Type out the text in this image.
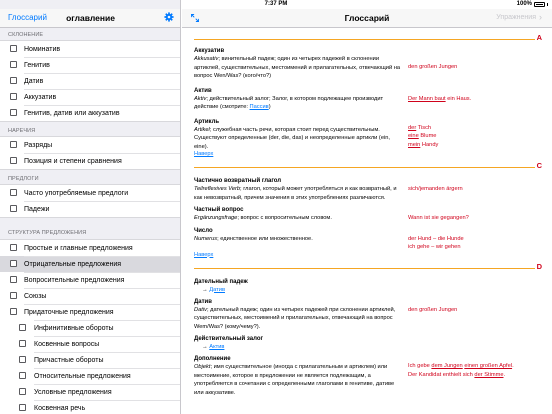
7:37 PM	100%
Глоссарий	оглавление
СКЛОНЕНИЕ
Номинатив
Генитив
Датив
Аккузатив
Генитив, датив или аккузатив
НАРЕЧИЯ
Разряды
Позиция и степени сравнения
ПРЕДЛОГИ
Часто употребляемые предлоги
Падежи
СТРУКТУРА ПРЕДЛОЖЕНИЯ
Простые и главные предложения
Отрицательные предложения
Вопросительные предложения
Союзы
Придаточные предложения
Инфинитивные обороты
Косвенные вопросы
Причастные обороты
Относительные предложения
Условные предложения
Косвенная речь
Глоссарий	Упражнения ›
A
Аккузатив
Akkusativ; винительный падеж; один из четырех падежей в склонении артиклей, существительных, местоимений и прилагательных, отвечающий на вопрос Wen/Was? (кого/что?)
den großen Jungen
Актив
Aktiv; действительный залог; Залог, в котором подлежащее производит действие (смотрите: Пассив)
Der Mann baut ein Haus.
Артикль
Artikel; служебная часть речи, которая стоит перед существительным. Существуют определенные (der, die, das) и неопределенные артикли (ein, eine).
der Tisch
eine Blume
mein Handy
Наверх
C
Частично возвратный глагол
Teilreflexives Verb; глагол, который может употребляться и как возвратный, и как невозвратный, причем значения в этих употреблениях различаются.
sich/jemanden ärgern
Частный вопрос
Ergänzungsfrage; вопрос с вопросительным словом.	Wann ist sie gegangen?
Число
Numerus; единственное или множественное.	der Hund – die Hunde
ich gehe – wir gehen
Наверх
D
Дательный падеж
→ Датив
Датив
Dativ; дательный падеж; один из четырех падежей при склонении артиклей, существительных, местоимений и прилагательных, отвечающий на вопрос Wem/Was? (кому/чему?).
den großen Jungen
Действительный залог
→ Актив
Дополнение
Objekt; имя существительное (иногда с прилагательным и артиклем) или местоимение, которое в предложении не является подлежащим, а употребляется в сочетании с определенными глаголами в генитиве, дативе или аккузативе.
Ich gebe dem Jungen einen großen Apfel.
Der Kandidat enthielt sich der Stimme.
